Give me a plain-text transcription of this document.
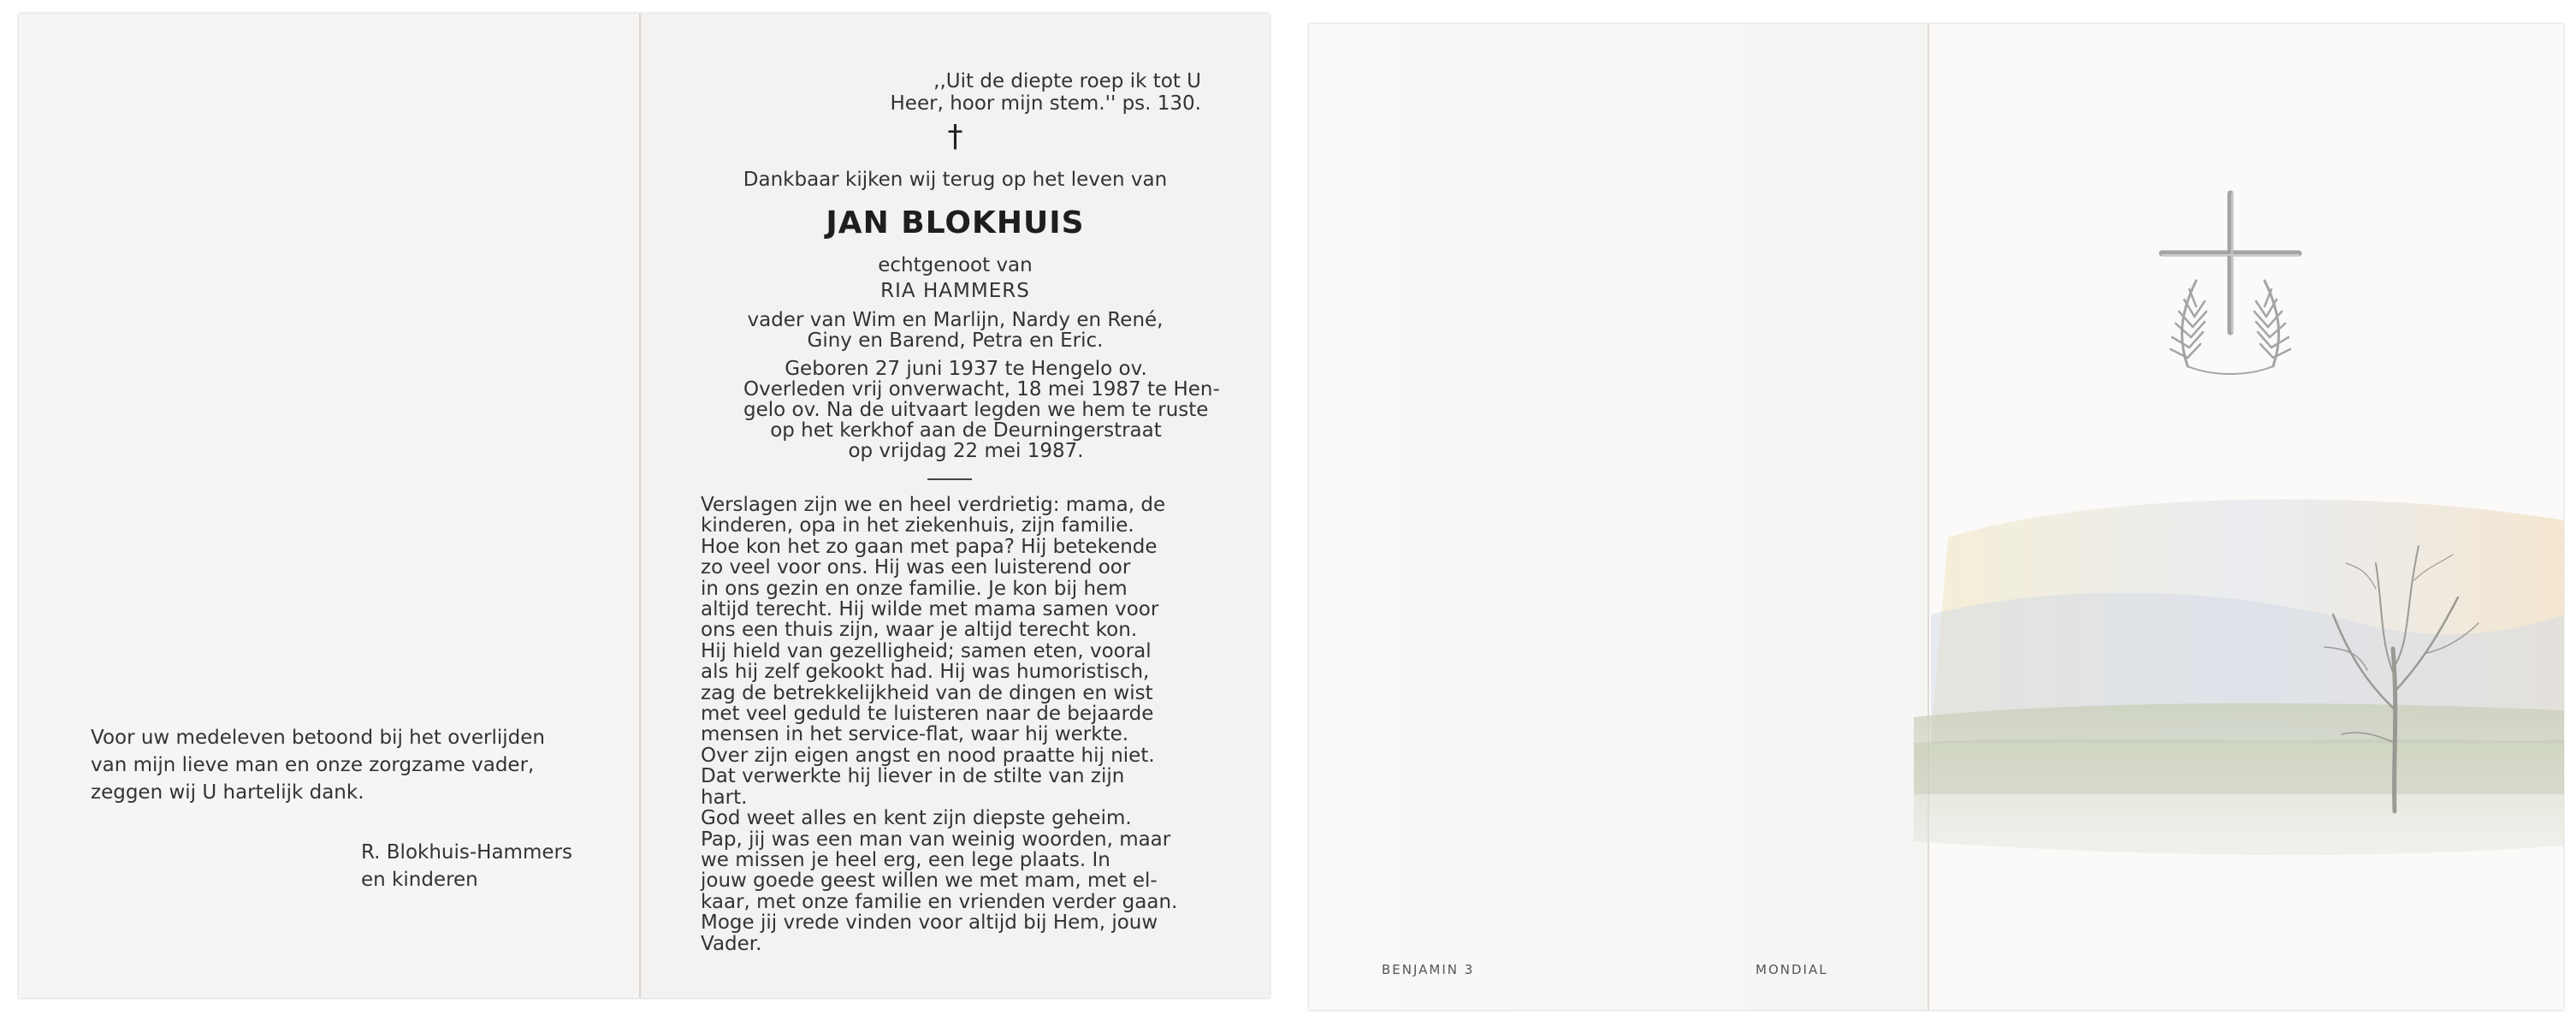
Voor uw medeleven betoond bij het overlijden

van mijn lieve man en onze zorgzame vader,

zeggen wij U hartelijk dank.

R. Blokhuis-Hammers
en kinderen
,,Uit de diepte roep ik tot U
Heer, hoor mijn stem.'' ps. 130.
†
Dankbaar kijken wij terug op het leven van
JAN BLOKHUIS
echtgenoot van
RIA HAMMERS
vader van Wim en Marlijn, Nardy en René,
Giny en Barend, Petra en Eric.
Geboren 27 juni 1937 te Hengelo ov.
Overleden vrij onverwacht, 18 mei 1987 te Hen-
gelo ov. Na de uitvaart legden we hem te ruste
op het kerkhof aan de Deurningerstraat
op vrijdag 22 mei 1987.
Verslagen zijn we en heel verdrietig: mama, de
kinderen, opa in het ziekenhuis, zijn familie.
Hoe kon het zo gaan met papa? Hij betekende
zo veel voor ons. Hij was een luisterend oor
in ons gezin en onze familie. Je kon bij hem
altijd terecht. Hij wilde met mama samen voor
ons een thuis zijn, waar je altijd terecht kon.
Hij hield van gezelligheid; samen eten, vooral
als hij zelf gekookt had. Hij was humoristisch,
zag de betrekkelijkheid van de dingen en wist
met veel geduld te luisteren naar de bejaarde
mensen in het service-flat, waar hij werkte.
Over zijn eigen angst en nood praatte hij niet.
Dat verwerkte hij liever in de stilte van zijn
hart.
God weet alles en kent zijn diepste geheim.
Pap, jij was een man van weinig woorden, maar
we missen je heel erg, een lege plaats. In
jouw goede geest willen we met mam, met el-
kaar, met onze familie en vrienden verder gaan.
Moge jij vrede vinden voor altijd bij Hem, jouw
Vader.
BENJAMIN 3	MONDIAL
